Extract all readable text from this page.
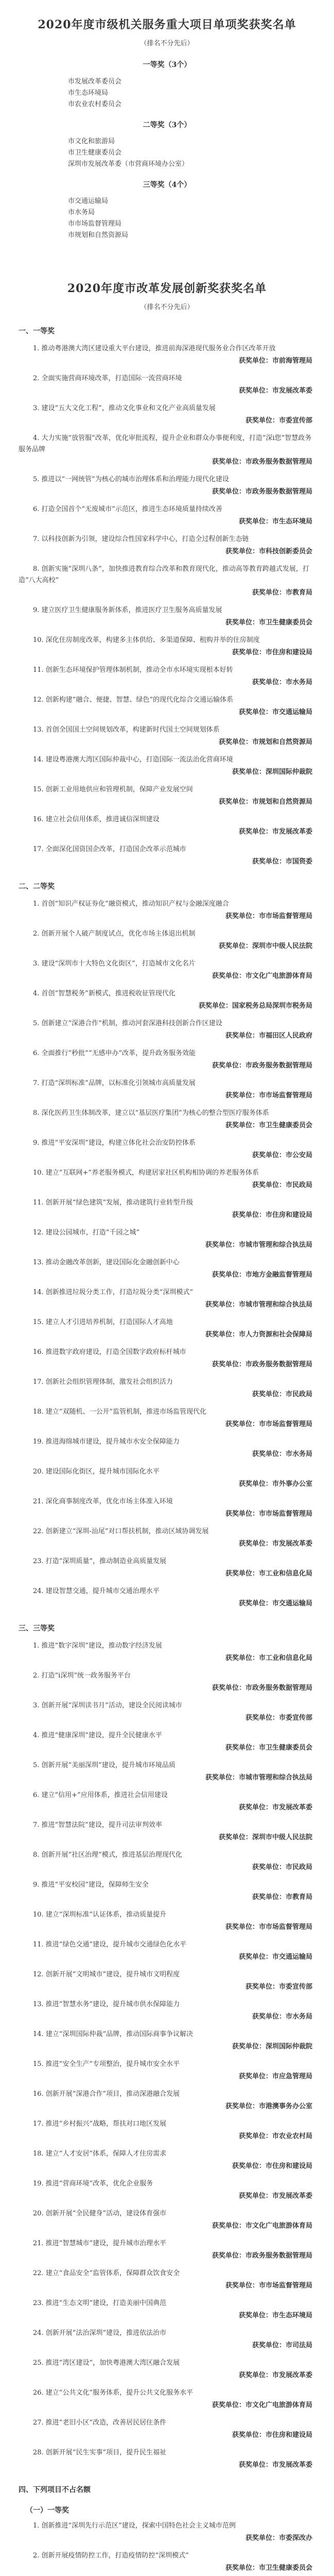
2020年度市级机关服务重大项目单项奖获奖名单

（排名不分先后）

一等奖（3个）
市发展改革委员会
市生态环境局
市农业农村委员会
二等奖（3个）
市文化和旅游局
市卫生健康委员会
深圳市发展改革委（市营商环境办公室）
三等奖（4个）
市交通运输局
市水务局
市市场监督管理局
市规划和自然资源局
2020年度市改革发展创新奖获奖名单

（排名不分先后）

一、一等奖

1. 推动粤港澳大湾区建设重大平台建设，推进前海深港现代服务业合作区改革开放

获奖单位：市前海管理局

2. 全面实施营商环境改革，打造国际一流营商环境

获奖单位：市发展改革委

3. 建设“五大文化工程”，推动文化事业和文化产业高质量发展

获奖单位：市委宣传部

4. 大力实施“放管服”改革，优化审批流程，提升企业和群众办事便利度，打造“深i您”智慧政务服务品牌

获奖单位：市政务服务数据管理局

5. 推进以“一网统管”为核心的城市治理体系和治理能力现代化建设

获奖单位：市政务服务数据管理局

6. 打造全国首个“无废城市”示范区，推进生态环境质量持续改善

获奖单位：市生态环境局

7. 以科技创新为引领，建设综合性国家科学中心，打造全过程创新生态链

获奖单位：市科技创新委员会

8. 创新实施“深圳八条”，加快推进教育综合改革和教育现代化，推动高等教育跨越式发展，打造“八大高校”

获奖单位：市教育局

9. 建立医疗卫生健康服务新体系，推进医疗卫生服务高质量发展

获奖单位：市卫生健康委员会

10. 深化住房制度改革，构建多主体供给、多渠道保障、租购并举的住房制度

获奖单位：市住房和建设局

11. 创新生态环境保护管理体制机制，推动全市水环境实现根本好转

获奖单位：市水务局

12. 创新构建“融合、便捷、智慧、绿色”的现代化综合交通运输体系

获奖单位：市交通运输局

13. 首创全国国土空间规划改革，构建新时代国土空间规划体系

获奖单位：市规划和自然资源局

14. 建设粤港澳大湾区国际仲裁中心，打造国际一流法治化营商环境

获奖单位：深圳国际仲裁院

15. 创新工业用地供应和管理机制，保障产业发展空间

获奖单位：市规划和自然资源局

16. 建立社会信用体系，推进诚信深圳建设

获奖单位：市发展改革委

17. 全面深化国资国企改革，打造国企改革示范城市

获奖单位：市国资委

二、二等奖

1. 首创“知识产权证券化”融资模式，推动知识产权与金融深度融合

获奖单位：市市场监督管理局

2. 创新开展个人破产制度试点，优化市场主体退出机制

获奖单位：深圳市中级人民法院

3. 建设“深圳市十大特色文化街区”，打造城市文化名片

获奖单位：市文化广电旅游体育局

4. 首创“智慧税务”新模式，推进税收征管现代化

获奖单位：国家税务总局深圳市税务局

5. 创新建立“深港合作”机制，推动河套深港科技创新合作区建设

获奖单位：市福田区人民政府

6. 全面推行“秒批”“无感申办”改革，提升政务服务效能

获奖单位：市政务服务数据管理局

7. 打造“深圳标准”品牌，以标准化引领城市高质量发展

获奖单位：市市场监督管理局

8. 深化医药卫生体制改革，建立以“基层医疗集团”为核心的整合型医疗服务体系

获奖单位：市卫生健康委员会

9. 推进“平安深圳”建设，构建立体化社会治安防控体系

获奖单位：市公安局

10. 建立“互联网+”养老服务模式，构建居家社区机构相协调的养老服务体系

获奖单位：市民政局

11. 创新开展“绿色建筑”发展，推动建筑行业转型升级

获奖单位：市住房和建设局

12. 建设公园城市，打造“千园之城”

获奖单位：市城市管理和综合执法局

13. 推动金融改革创新，建设国际化金融创新中心

获奖单位：市地方金融监督管理局

14. 创新推进垃圾分类工作，打造垃圾分类“深圳模式”

获奖单位：市城市管理和综合执法局

15. 建立人才引进培养机制，打造国际人才高地

获奖单位：市人力资源和社会保障局

16. 推进数字政府建设，打造全国数字政府标杆城市

获奖单位：市政务服务数据管理局

17. 创新社会组织管理体制，激发社会组织活力

获奖单位：市民政局

18. 建立“双随机、一公开”监管机制，推进市场监管现代化

获奖单位：市市场监督管理局

19. 推进海绵城市建设，提升城市水安全保障能力

获奖单位：市水务局

20. 建设国际化街区，提升城市国际化水平

获奖单位：市外事办公室

21. 深化商事制度改革，优化市场主体准入环境

获奖单位：市市场监督管理局

22. 创新建立“深圳-汕尾”对口帮扶机制，推动区域协调发展

获奖单位：市发展改革委

23. 打造“深圳质量”，推动制造业高质量发展

获奖单位：市工业和信息化局

24. 建设智慧交通，提升城市交通治理水平

获奖单位：市交通运输局

三、三等奖

1. 推进“数字深圳”建设，推动数字经济发展

获奖单位：市工业和信息化局

2. 打造“i深圳”统一政务服务平台

获奖单位：市政务服务数据管理局

3. 创新开展“深圳读书月”活动，建设全民阅读城市

获奖单位：市委宣传部

4. 推进“健康深圳”建设，提升全民健康水平

获奖单位：市卫生健康委员会

5. 创新开展“美丽深圳”建设，提升城市环境品质

获奖单位：市城市管理和综合执法局

6. 建立“信用+”应用体系，推进社会信用建设

获奖单位：市发展改革委

7. 推进“智慧法院”建设，提升司法审判效率

获奖单位：深圳市中级人民法院

8. 创新开展“社区治理”模式，推进基层治理现代化

获奖单位：市民政局

9. 推进“平安校园”建设，保障师生安全

获奖单位：市教育局

10. 建立“深圳标准”认证体系，推动质量提升

获奖单位：市市场监督管理局

11. 推进“绿色交通”建设，提升城市交通绿色化水平

获奖单位：市交通运输局

12. 创新开展“文明城市”建设，提升城市文明程度

获奖单位：市委宣传部

13. 推进“智慧水务”建设，提升城市供水保障能力

获奖单位：市水务局

14. 建立“深圳国际仲裁”品牌，推动国际商事争议解决

获奖单位：深圳国际仲裁院

15. 推进“安全生产”专项整治，提升城市安全水平

获奖单位：市应急管理局

16. 创新开展“深港合作”项目，推动深港融合发展

获奖单位：市港澳事务办公室

17. 推进“乡村振兴”战略，帮扶对口地区发展

获奖单位：市农业农村局

18. 建立“人才安居”体系，保障人才住房需求

获奖单位：市住房和建设局

19. 推进“营商环境”改革，优化企业服务

获奖单位：市发展改革委

20. 创新开展“全民健身”活动，建设体育强市

获奖单位：市文化广电旅游体育局

21. 推进“智慧城市”建设，提升城市治理水平

获奖单位：市政务服务数据管理局

22. 建立“食品安全”监管体系，保障群众饮食安全

获奖单位：市市场监督管理局

23. 推进“生态文明”建设，打造美丽中国典范

获奖单位：市生态环境局

24. 创新开展“法治深圳”建设，推进依法治市

获奖单位：市司法局

25. 推进“湾区建设”，加快粤港澳大湾区融合发展

获奖单位：市发展改革委

26. 建立“公共文化”服务体系，提升公共文化服务水平

获奖单位：市文化广电旅游体育局

27. 推进“老旧小区”改造，改善居民居住条件

获奖单位：市住房和建设局

28. 创新开展“民生实事”项目，提升民生福祉

获奖单位：市发展改革委

四、下列项目不占名额
（一）一等奖

1. 创新推进“深圳先行示范区”建设，探索中国特色社会主义城市范例

获奖单位：市委深改办

2. 创新开展疫情防控工作，打造疫情防控“深圳模式”

获奖单位：市卫生健康委员会
